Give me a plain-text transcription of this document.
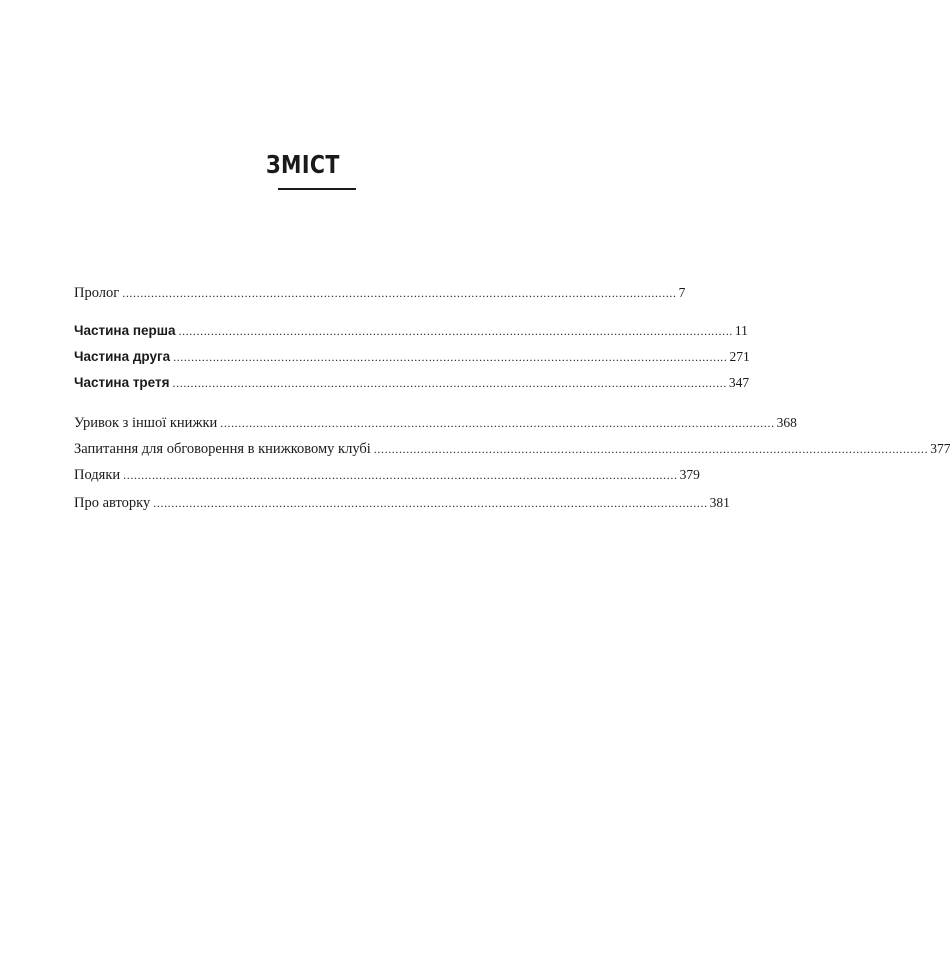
ЗМІСТ
Пролог .......................................................................................................................................................... 7
Частина перша .......................................................................................................................................................... 11
Частина друга .......................................................................................................................................................... 271
Частина третя .......................................................................................................................................................... 347
Уривок з іншої книжки .......................................................................................................................................................... 368
Запитання для обговорення в книжковому клубі .......................................................................................................................................................... 377
Подяки .......................................................................................................................................................... 379
Про авторку .......................................................................................................................................................... 381
